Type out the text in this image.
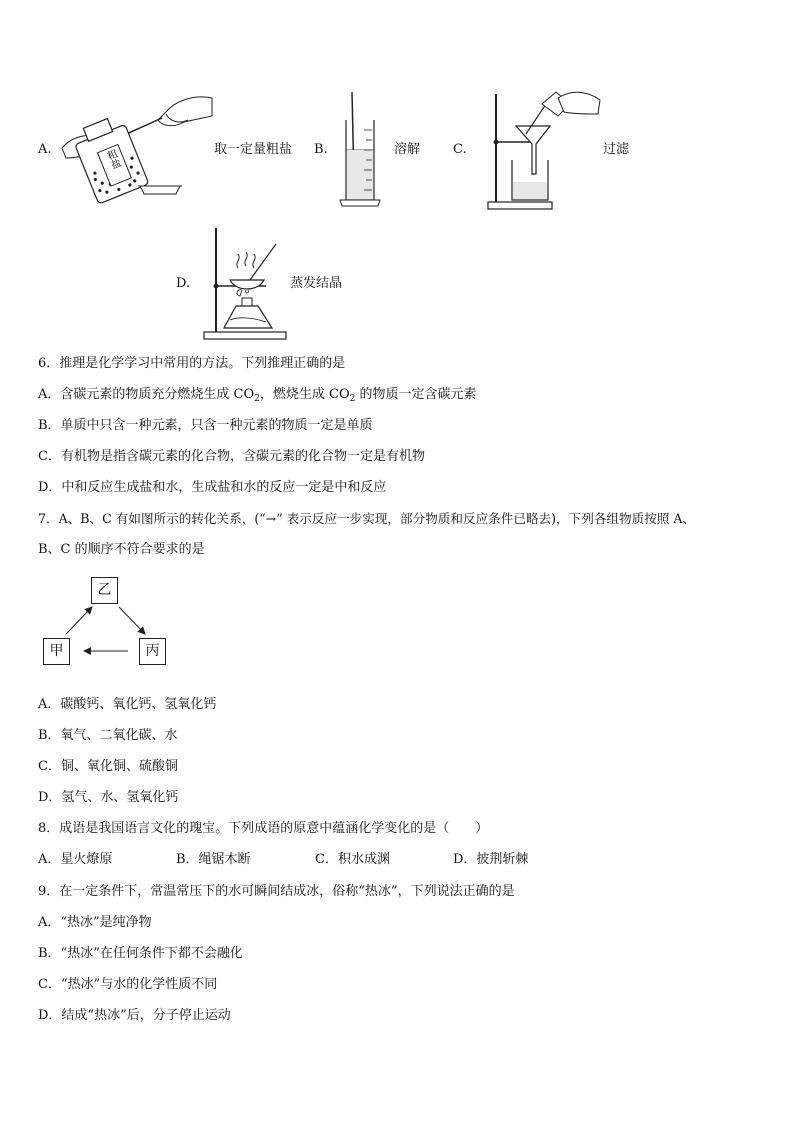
A.	粗盐	取一定量粗盐 B.	溶解	C.	过滤
D.	蒸发结晶
6．推理是化学学习中常用的方法。下列推理正确的是
A．含碳元素的物质充分燃烧生成 $CO_2$，燃烧生成 $CO_2$ 的物质一定含碳元素
B．单质中只含一种元素，只含一种元素的物质一定是单质
C．有机物是指含碳元素的化合物，含碳元素的化合物一定是有机物
D．中和反应生成盐和水，生成盐和水的反应一定是中和反应
7．A、B、C 有如图所示的转化关系，(“→” 表示反应一步实现，部分物质和反应条件已略去)，下列各组物质按照 A、
B、C 的顺序不符合要求的是
乙
甲	丙
A．碳酸钙、氧化钙、氢氧化钙
B．氧气、二氧化碳、水
C．铜、氧化铜、硫酸铜
D．氢气、水、氢氧化钙
8．成语是我国语言文化的瑰宝。下列成语的原意中蕴涵化学变化的是（　　）
A．星火燎原	B．绳锯木断	C．积水成渊	D．披荆斩棘
9．在一定条件下，常温常压下的水可瞬间结成冰，俗称“热冰”，下列说法正确的是
A．“热冰”是纯净物
B．“热冰”在任何条件下都不会融化
C．“热冰”与水的化学性质不同
D．结成“热冰”后，分子停止运动
